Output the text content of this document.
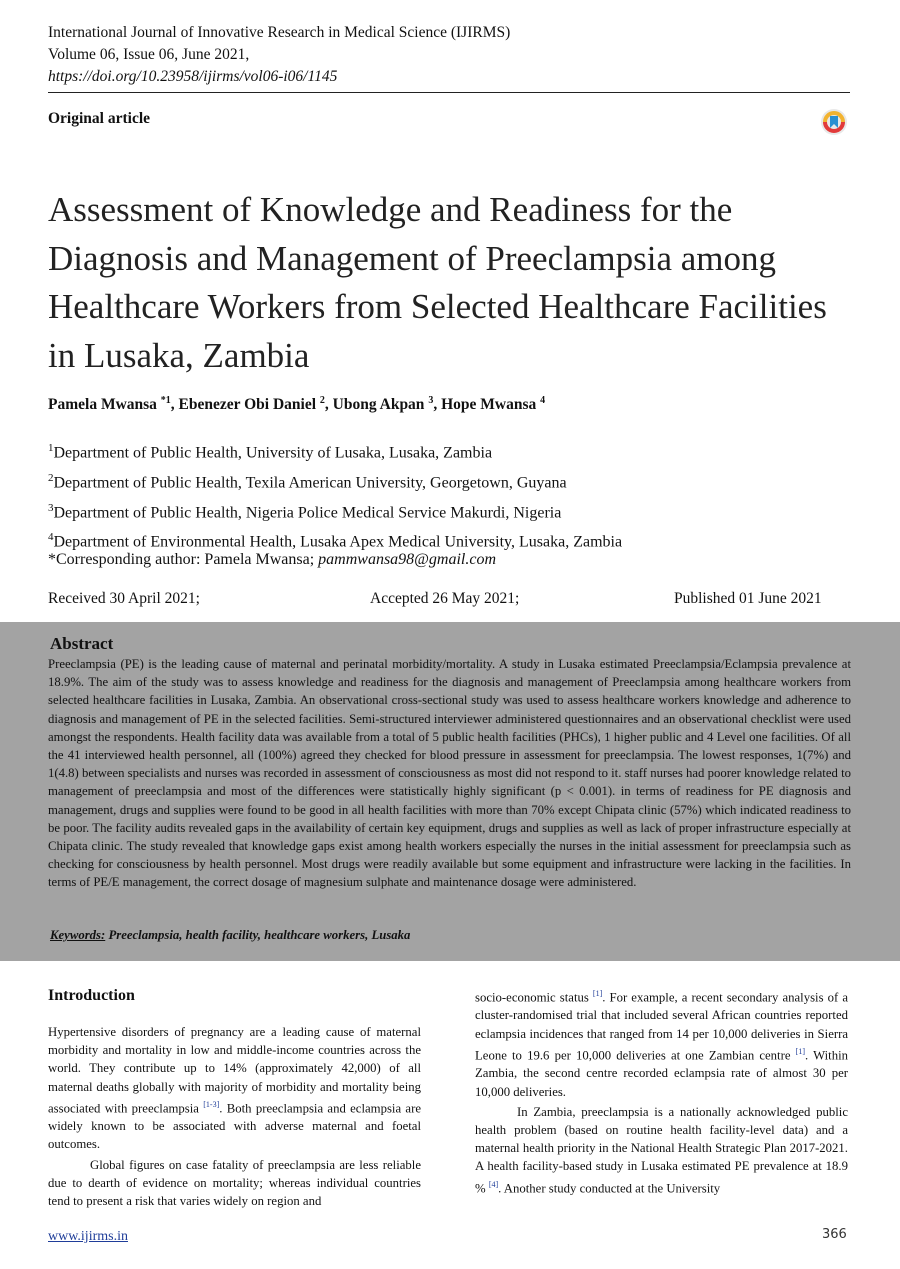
International Journal of Innovative Research in Medical Science (IJIRMS)
Volume 06, Issue 06, June 2021,
https://doi.org/10.23958/ijirms/vol06-i06/1145
Original article
Assessment of Knowledge and Readiness for the Diagnosis and Management of Preeclampsia among Healthcare Workers from Selected Healthcare Facilities in Lusaka, Zambia
Pamela Mwansa $^{*1}$, Ebenezer Obi Daniel $^2$, Ubong Akpan $^3$, Hope Mwansa $^4$
$^1$Department of Public Health, University of Lusaka, Lusaka, Zambia
$^2$Department of Public Health, Texila American University, Georgetown, Guyana
$^3$Department of Public Health, Nigeria Police Medical Service Makurdi, Nigeria
$^4$Department of Environmental Health, Lusaka Apex Medical University, Lusaka, Zambia
*Corresponding author: Pamela Mwansa; pammwansa98@gmail.com
Received 30 April 2021;	Accepted 26 May 2021;	Published 01 June 2021
Abstract
Preeclampsia (PE) is the leading cause of maternal and perinatal morbidity/mortality. A study in Lusaka estimated Preeclampsia/Eclampsia prevalence at 18.9%. The aim of the study was to assess knowledge and readiness for the diagnosis and management of Preeclampsia among healthcare workers from selected healthcare facilities in Lusaka, Zambia. An observational cross-sectional study was used to assess healthcare workers knowledge and adherence to diagnosis and management of PE in the selected facilities. Semi-structured interviewer administered questionnaires and an observational checklist were used amongst the respondents. Health facility data was available from a total of 5 public health facilities (PHCs), 1 higher public and 4 Level one facilities. Of all the 41 interviewed health personnel, all (100%) agreed they checked for blood pressure in assessment for preeclampsia. The lowest responses, 1(7%) and 1(4.8) between specialists and nurses was recorded in assessment of consciousness as most did not respond to it. staff nurses had poorer knowledge related to management of preeclampsia and most of the differences were statistically highly significant (p < 0.001). in terms of readiness for PE diagnosis and management, drugs and supplies were found to be good in all health facilities with more than 70% except Chipata clinic (57%) which indicated readiness to be poor. The facility audits revealed gaps in the availability of certain key equipment, drugs and supplies as well as lack of proper infrastructure especially at Chipata clinic. The study revealed that knowledge gaps exist among health workers especially the nurses in the initial assessment for preeclampsia such as checking for consciousness by health personnel. Most drugs were readily available but some equipment and infrastructure were lacking in the facilities. In terms of PE/E management, the correct dosage of magnesium sulphate and maintenance dosage were administered.
Keywords: Preeclampsia, health facility, healthcare workers, Lusaka
Introduction

Hypertensive disorders of pregnancy are a leading cause of maternal morbidity and mortality in low and middle-income countries across the world. They contribute up to 14% (approximately 42,000) of all maternal deaths globally with majority of morbidity and mortality being associated with preeclampsia [1-3]. Both preeclampsia and eclampsia are widely known to be associated with adverse maternal and foetal outcomes.

Global figures on case fatality of preeclampsia are less reliable due to dearth of evidence on mortality; whereas individual countries tend to present a risk that varies widely on region and

socio-economic status [1]. For example, a recent secondary analysis of a cluster-randomised trial that included several African countries reported eclampsia incidences that ranged from 14 per 10,000 deliveries in Sierra Leone to 19.6 per 10,000 deliveries at one Zambian centre [1]. Within Zambia, the second centre recorded eclampsia rate of almost 30 per 10,000 deliveries.

In Zambia, preeclampsia is a nationally acknowledged public health problem (based on routine health facility-level data) and a maternal health priority in the National Health Strategic Plan 2017-2021. A health facility-based study in Lusaka estimated PE prevalence at 18.9 % [4]. Another study conducted at the University

www.ijirms.in	366
